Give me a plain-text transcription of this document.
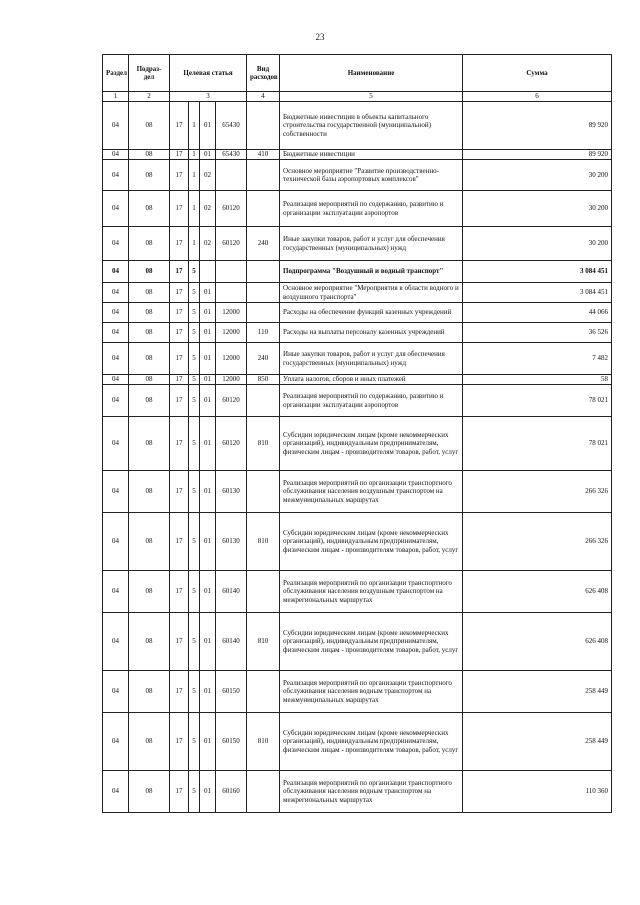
23
Раздел	Подраз-дел	Целевая статья				Вид расходов	Наименование	Сумма
1	2	3				4	5	6
04	08	17	1	01	65430		Бюджетные инвестиции в объекты капитального строительства государственной (муниципальной) собственности	89 920
04	08	17	1	01	65430	410	Бюджетные инвестиции	89 920
04	08	17	1	02			Основное мероприятие "Развитие производственно-технической базы аэропортовых комплексов"	30 200
04	08	17	1	02	60120		Реализация мероприятий по содержанию, развитию и организации эксплуатации аэропортов	30 200
04	08	17	1	02	60120	240	Иные закупки товаров, работ и услуг для обеспечения государственных (муниципальных) нужд	30 200
04	08	17	5				Подпрограмма "Воздушный и водный транспорт"	3 084 451
04	08	17	5	01			Основное мероприятие "Мероприятия в области водного и воздушного транспорта"	3 084 451
04	08	17	5	01	12000		Расходы на обеспечение функций казенных учреждений	44 066
04	08	17	5	01	12000	110	Расходы на выплаты персоналу казенных учреждений	36 526
04	08	17	5	01	12000	240	Иные закупки товаров, работ и услуг для обеспечения государственных (муниципальных) нужд	7 482
04	08	17	5	01	12000	850	Уплата налогов, сборов и иных платежей	58
04	08	17	5	01	60120		Реализация мероприятий по содержанию, развитию и организации эксплуатации аэропортов	78 021
04	08	17	5	01	60120	810	Субсидии юридическим лицам (кроме некоммерческих организаций), индивидуальным предпринимателям, физическим лицам - производителям товаров, работ, услуг	78 021
04	08	17	5	01	60130		Реализация мероприятий по организации транспортного обслуживания населения воздушным транспортом на межмуниципальных маршрутах	266 326
04	08	17	5	01	60130	810	Субсидии юридическим лицам (кроме некоммерческих организаций), индивидуальным предпринимателям, физическим лицам - производителям товаров, работ, услуг	266 326
04	08	17	5	01	60140		Реализация мероприятий по организации транспортного обслуживания населения воздушным транспортом на межрегиональных маршрутах	626 408
04	08	17	5	01	60140	810	Субсидии юридическим лицам (кроме некоммерческих организаций), индивидуальным предпринимателям, физическим лицам - производителям товаров, работ, услуг	626 408
04	08	17	5	01	60150		Реализация мероприятий по организации транспортного обслуживания населения водным транспортом на межмуниципальных маршрутах	258 449
04	08	17	5	01	60150	810	Субсидии юридическим лицам (кроме некоммерческих организаций), индивидуальным предпринимателям, физическим лицам - производителям товаров, работ, услуг	258 449
04	08	17	5	01	60160		Реализация мероприятий по организации транспортного обслуживания населения водным транспортом на межрегиональных маршрутах	110 360
